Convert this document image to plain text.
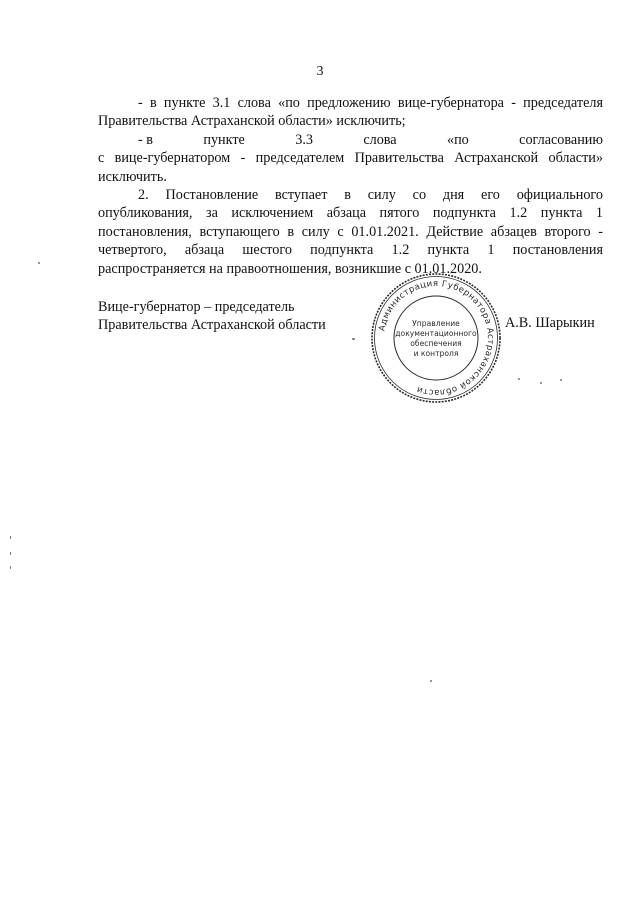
3

- в пункте 3.1 слова «по предложению вице-губернатора - председателя
Правительства Астраханской области» исключить;

- в	пункте	3.3	слова	«по	согласованию
с вице-губернатором - председателем Правительства Астраханской области»
исключить.

2. Постановление вступает в силу со дня его официального
опубликования, за исключением абзаца пятого подпункта 1.2 пункта 1
постановления, вступающего в силу с 01.01.2021. Действие абзацев второго -
четвертого, абзаца шестого подпункта 1.2 пункта 1 постановления
распространяется на правоотношения, возникшие с 01.01.2020.

Вице-губернатор – председатель
Правительства Астраханской области	А.В. Шарыкин
Администрация Губернатора Астраханской области
Управление
документационного
обеспечения
и контроля
